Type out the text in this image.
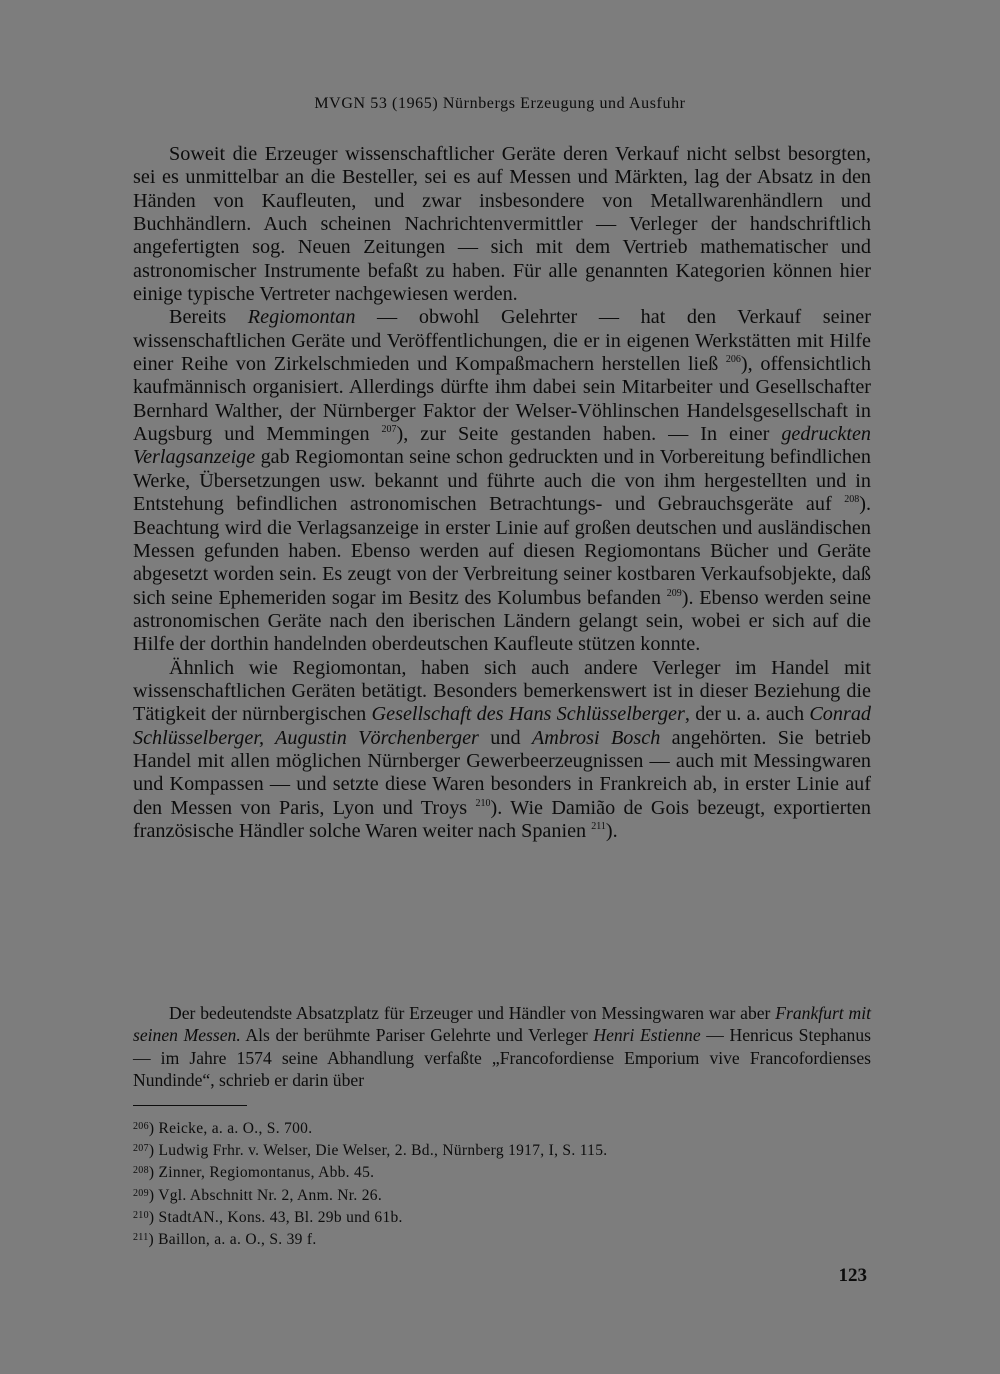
MVGN 53 (1965) Nürnbergs Erzeugung und Ausfuhr

Soweit die Erzeuger wissenschaftlicher Geräte deren Verkauf nicht selbst besorgten, sei es unmittelbar an die Besteller, sei es auf Messen und Märkten, lag der Absatz in den Händen von Kaufleuten, und zwar insbesondere von Metallwarenhändlern und Buchhändlern. Auch scheinen Nachrichtenvermittler — Verleger der handschriftlich angefertigten sog. Neuen Zeitungen — sich mit dem Vertrieb mathematischer und astronomischer Instrumente befaßt zu haben. Für alle genannten Kategorien können hier einige typische Vertreter nachgewiesen werden.

Bereits Regiomontan — obwohl Gelehrter — hat den Verkauf seiner wissenschaftlichen Geräte und Veröffentlichungen, die er in eigenen Werkstätten mit Hilfe einer Reihe von Zirkelschmieden und Kompaßmachern herstellen ließ $^{206}$), offensichtlich kaufmännisch organisiert. Allerdings dürfte ihm dabei sein Mitarbeiter und Gesellschafter Bernhard Walther, der Nürnberger Faktor der Welser-Vöhlinschen Handelsgesellschaft in Augsburg und Memmingen $^{207}$), zur Seite gestanden haben. — In einer gedruckten Verlagsanzeige gab Regiomontan seine schon gedruckten und in Vorbereitung befindlichen Werke, Übersetzungen usw. bekannt und führte auch die von ihm hergestellten und in Entstehung befindlichen astronomischen Betrachtungs- und Gebrauchsgeräte auf $^{208}$). Beachtung wird die Verlagsanzeige in erster Linie auf großen deutschen und ausländischen Messen gefunden haben. Ebenso werden auf diesen Regiomontans Bücher und Geräte abgesetzt worden sein. Es zeugt von der Verbreitung seiner kostbaren Verkaufsobjekte, daß sich seine Ephemeriden sogar im Besitz des Kolumbus befanden $^{209}$). Ebenso werden seine astronomischen Geräte nach den iberischen Ländern gelangt sein, wobei er sich auf die Hilfe der dorthin handelnden oberdeutschen Kaufleute stützen konnte.

Ähnlich wie Regiomontan, haben sich auch andere Verleger im Handel mit wissenschaftlichen Geräten betätigt. Besonders bemerkenswert ist in dieser Beziehung die Tätigkeit der nürnbergischen Gesellschaft des Hans Schlüsselberger, der u. a. auch Conrad Schlüsselberger, Augustin Vörchenberger und Ambrosi Bosch angehörten. Sie betrieb Handel mit allen möglichen Nürnberger Gewerbeerzeugnissen — auch mit Messingwaren und Kompassen — und setzte diese Waren besonders in Frankreich ab, in erster Linie auf den Messen von Paris, Lyon und Troys $^{210}$). Wie Damião de Gois bezeugt, exportierten französische Händler solche Waren weiter nach Spanien $^{211}$).

Der bedeutendste Absatzplatz für Erzeuger und Händler von Messingwaren war aber Frankfurt mit seinen Messen. Als der berühmte Pariser Gelehrte und Verleger Henri Estienne — Henricus Stephanus — im Jahre 1574 seine Abhandlung verfaßte „Francofordiense Emporium vive Francofordienses Nundinde“, schrieb er darin über

$^{206}$) Reicke, a. a. O., S. 700.
$^{207}$) Ludwig Frhr. v. Welser, Die Welser, 2. Bd., Nürnberg 1917, I, S. 115.
$^{208}$) Zinner, Regiomontanus, Abb. 45.
$^{209}$) Vgl. Abschnitt Nr. 2, Anm. Nr. 26.
$^{210}$) StadtAN., Kons. 43, Bl. 29b und 61b.
$^{211}$) Baillon, a. a. O., S. 39 f.
123
